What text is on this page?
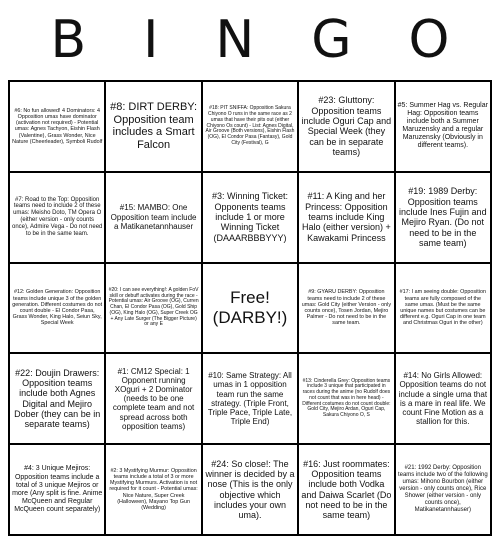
B I N G O
#6: No fun allowed! 4 Dominators: 4 Opposition umas have dominator (activation not required) - Potential umas: Agnes Tachyon, Eishin Flash (Valentine), Grass Wonder, Nice Nature (Cheerleader), Symboli Rudolf
#8: DIRT DERBY: Opposition team includes a Smart Falcon
#18: PIT SNIFFA: Opposition Sakura Chiyono O runs in the same race as 2 umas that have their pits out (either Chiyono Os count) - List: Agnes Digital, Air Groove (Both versions), Eishin Flash (OG), El Condor Pasa (Fantasy), Gold City (Festival), G
#23: Gluttony: Opposition teams include Oguri Cap and Special Week (they can be in separate teams)
#5: Summer Hag vs. Regular Hag: Opposition teams include both a Summer Maruzensky and a regular Maruzensky (Obviously in different teams).
#7: Road to the Top: Opposition teams need to include 2 of these umas: Meisho Doto, TM Opera O (either version - only counts once), Admire Vega - Do not need to be in the same team.
#15: MAMBO: One Opposition team include a Matikanetannhauser
#3: Winning Ticket: Opponents teams include 1 or more Winning Ticket (DAAARBBBYYY)
#11: A King and her Princess: Opposition teams include King Halo (either version) + Kawakami Princess
#19: 1989 Derby: Opposition teams include Ines Fujin and Mejiro Ryan. (Do not need to be in the same team)
#12: Golden Generation: Opposition teams include unique 3 of the golden generation. Different costumes do not count double - El Condor Pasa, Grass Wonder, King Halo, Seiun Sky, Special Week
#20: I can see everything!: A golden FoV skill or debuff activates during the race - Potential umas: Air Groove (OG), Curren Chan, El Condor Pasa (OG), Gold Ship (OG), King Halo (OG), Super Creek OG + Any Late Surger (The Bigger Picture) or any E
Free! (DARBY!)
#9: GYARU DERBY: Opposition teams need to include 2 of these umas: Gold City (either Version - only counts once), Tosen Jordan, Mejiro Palmer - Do not need to be in the same team.
#17: I am seeing double: Opposition teams are fully composed of the same umas. (Must be the same unique names but costumes can be different e.g. Oguri Cap in one team and Christmas Oguri in the other)
#22: Doujin Drawers: Opposition teams include both Agnes Digital and Mejiro Dober (they can be in separate teams)
#1: CM12 Special: 1 Opponent running XOguri + 2 Dominator (needs to be one complete team and not spread across both opposition teams)
#10: Same Strategy: All umas in 1 opposition team run the same strategy. (Triple Front, Triple Pace, Triple Late, Triple End)
#13: Cinderella Grey: Opposition teams include 3 unique that participated in races during the anime (no Rudolf does not count that was in here head) - Different costumes do not count double: Gold City, Mejiro Ardan, Oguri Cap, Sakura Chiyono O, S
#14: No Girls Allowed: Opposition teams do not include a single uma that is a mare in real life. We count Fine Motion as a stallion for this.
#4: 3 Unique Mejiros: Opposition teams include a total of 3 unique Mejiros or more (Any split is fine. Anime McQueen and Regular McQueen count separately)
#2: 3 Mystifying Murmur: Opposition teams include a total of 3 or more Mystifying Murmurs. Activation is not required for it count - Potential umas: Nice Nature, Super Creek (Halloween), Mayano Top Gun (Wedding)
#24: So close!: The winner is decided by a nose (This is the only objective which includes your own uma).
#16: Just roommates: Opposition teams include both Vodka and Daiwa Scarlet (Do not need to be in the same team)
#21: 1992 Derby: Opposition teams include two of the following umas: Mihono Bourbon (either version - only counts once), Rice Shower (either version - only counts once), Matikanetannhauser)
